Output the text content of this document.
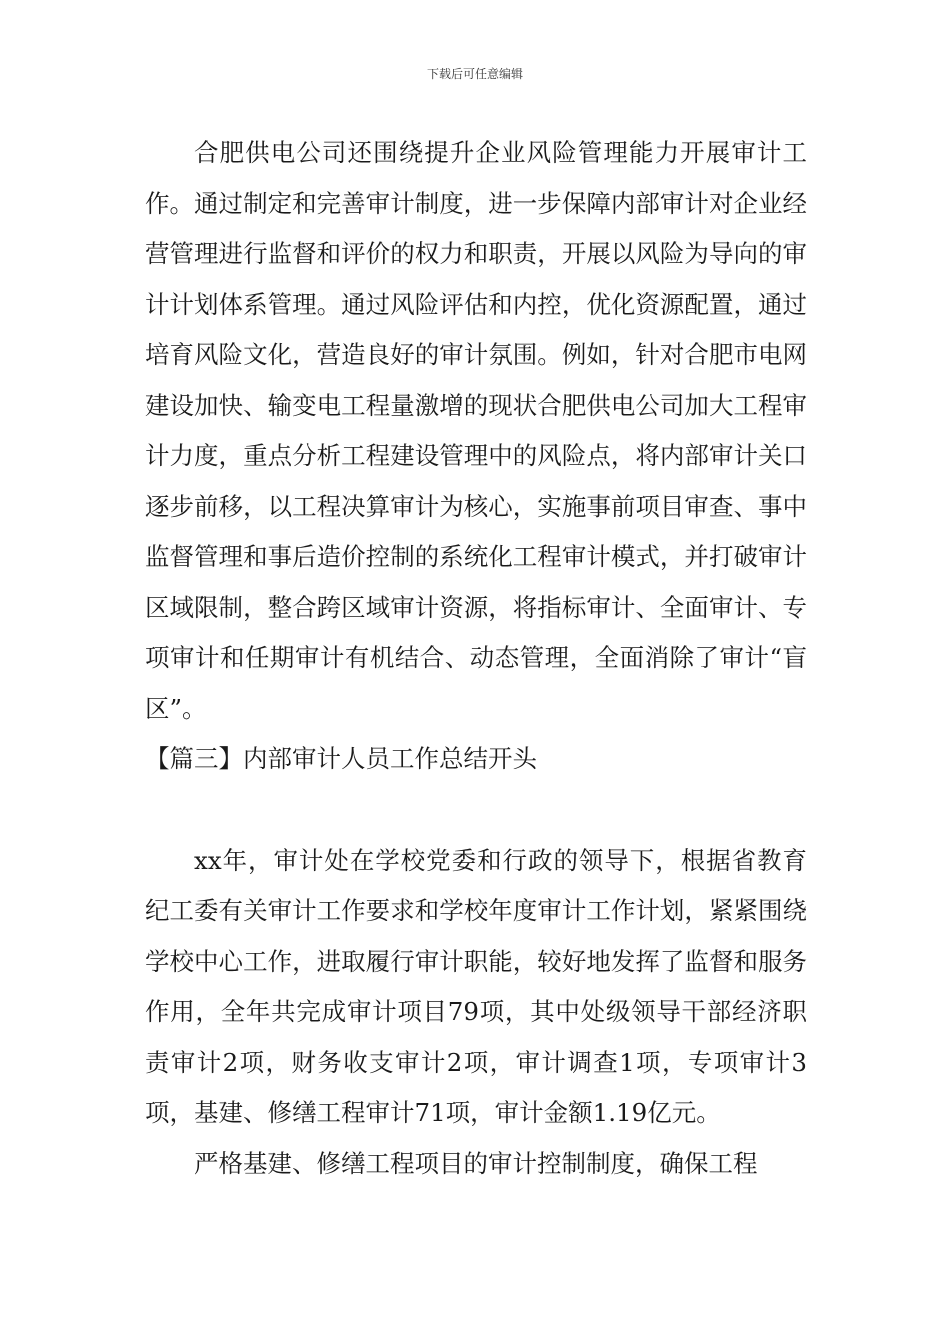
下载后可任意编辑

合肥供电公司还围绕提升企业风险管理能力开展审计工作。通过制定和完善审计制度，进一步保障内部审计对企业经营管理进行监督和评价的权力和职责，开展以风险为导向的审计计划体系管理。通过风险评估和内控，优化资源配置，通过培育风险文化，营造良好的审计氛围。例如，针对合肥市电网建设加快、输变电工程量激增的现状合肥供电公司加大工程审计力度，重点分析工程建设管理中的风险点，将内部审计关口逐步前移，以工程决算审计为核心，实施事前项目审查、事中监督管理和事后造价控制的系统化工程审计模式，并打破审计区域限制，整合跨区域审计资源，将指标审计、全面审计、专项审计和任期审计有机结合、动态管理，全面消除了审计“盲区”。

【篇三】内部审计人员工作总结开头

xx年，审计处在学校党委和行政的领导下，根据省教育纪工委有关审计工作要求和学校年度审计工作计划，紧紧围绕学校中心工作，进取履行审计职能，较好地发挥了监督和服务作用，全年共完成审计项目79项，其中处级领导干部经济职责审计2项，财务收支审计2项，审计调查1项，专项审计3项，基建、修缮工程审计71项，审计金额1.19亿元。

严格基建、修缮工程项目的审计控制制度，确保工程
